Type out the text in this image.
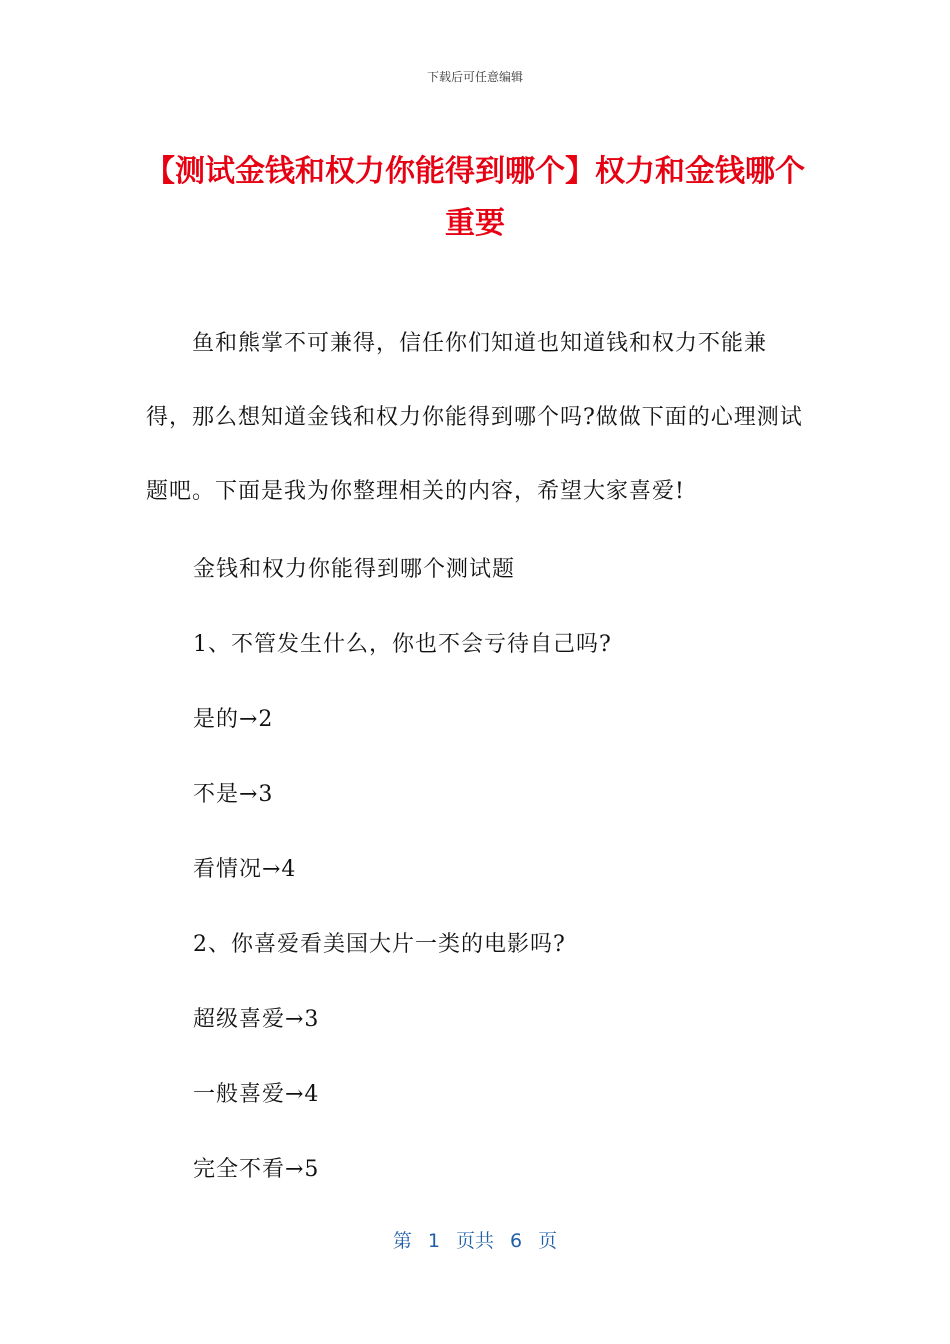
下载后可任意编辑
【测试金钱和权力你能得到哪个】权力和金钱哪个重要

鱼和熊掌不可兼得，信任你们知道也知道钱和权力不能兼得，那么想知道金钱和权力你能得到哪个吗?做做下面的心理测试题吧。下面是我为你整理相关的内容，希望大家喜爱!

金钱和权力你能得到哪个测试题

1、不管发生什么，你也不会亏待自己吗?

是的→2

不是→3

看情况→4

2、你喜爱看美国大片一类的电影吗?

超级喜爱→3

一般喜爱→4

完全不看→5

第 1 页共 6 页
